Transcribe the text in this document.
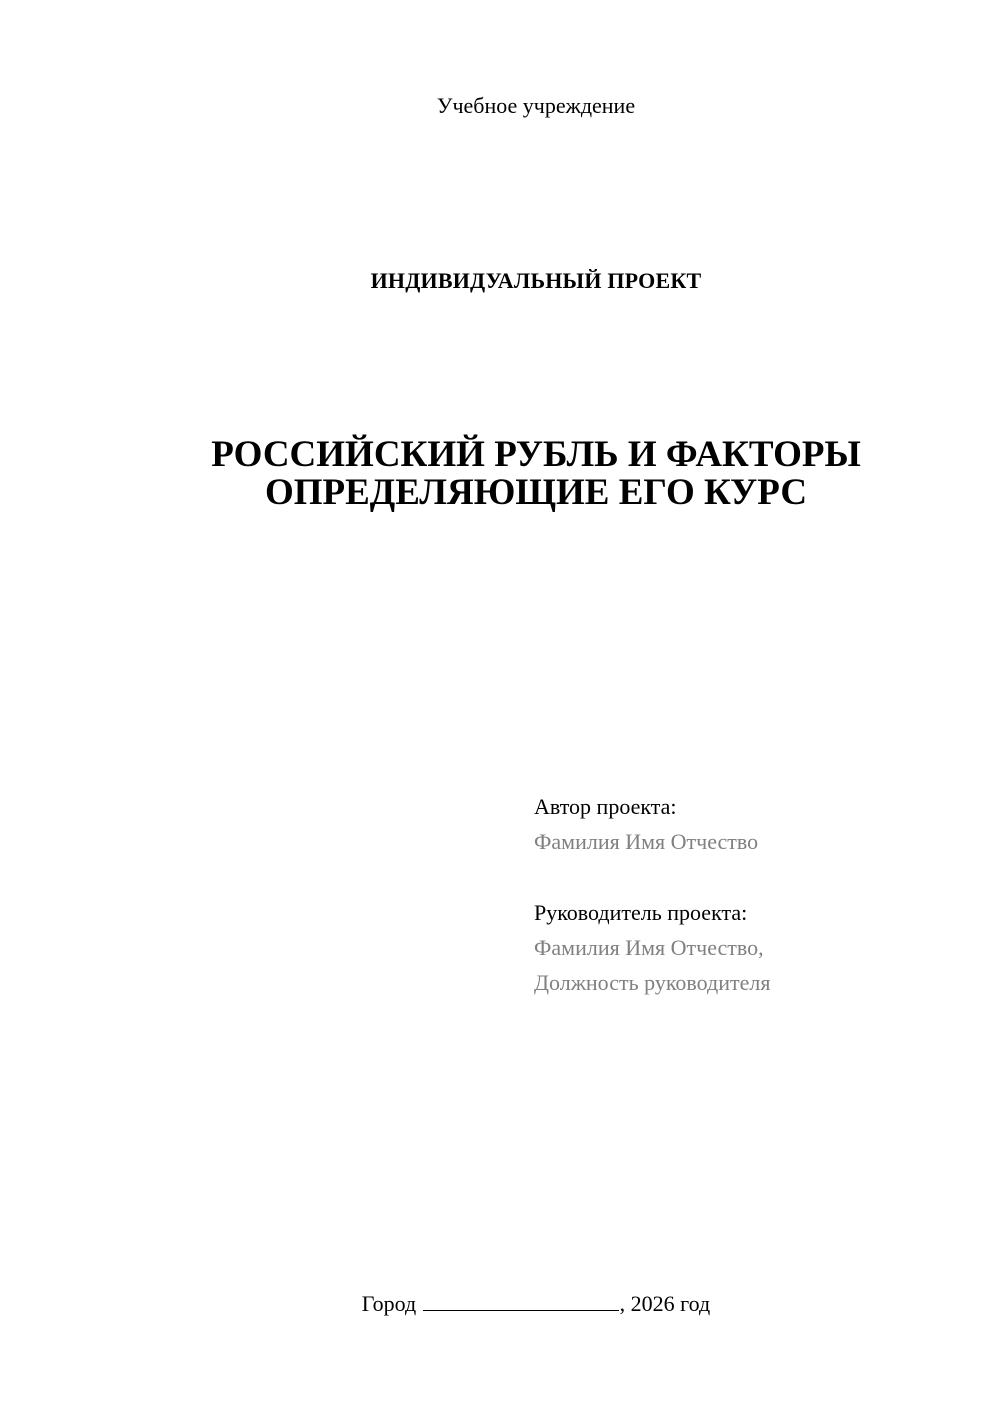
Учебное учреждение
ИНДИВИДУАЛЬНЫЙ ПРОЕКТ
РОССИЙСКИЙ РУБЛЬ И ФАКТОРЫ
ОПРЕДЕЛЯЮЩИЕ ЕГО КУРС
Автор проекта:
Фамилия Имя Отчество
Руководитель проекта:
Фамилия Имя Отчество,
Должность руководителя
Город	, 2026 год
